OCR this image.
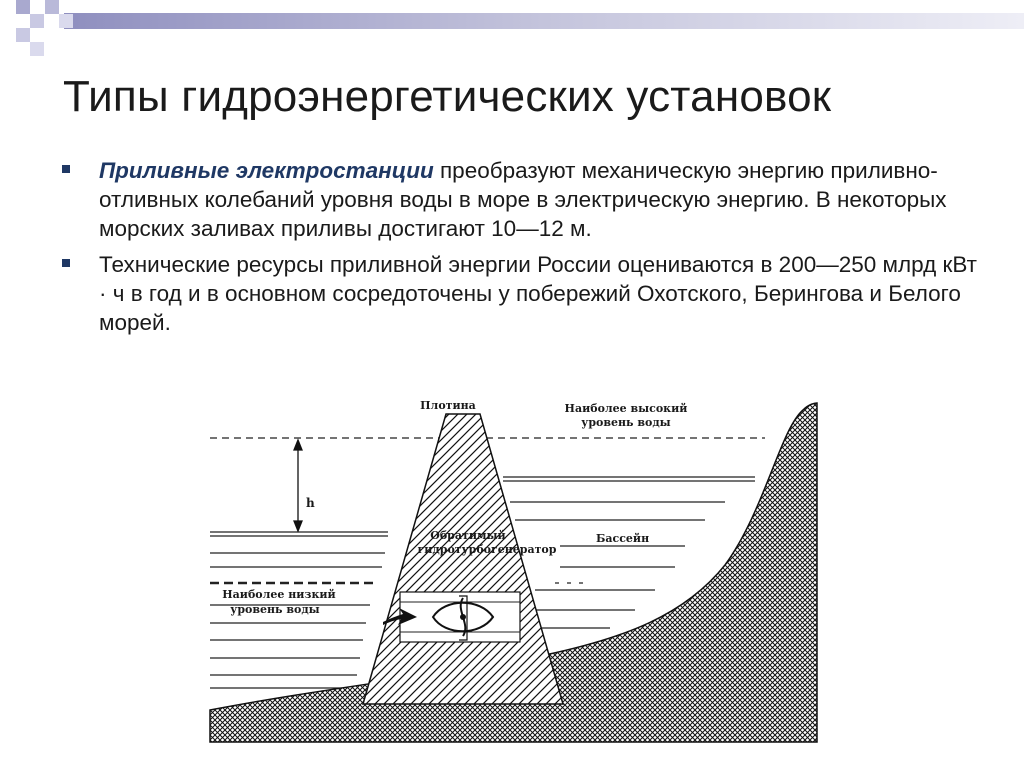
Типы гидроэнергетических установок
Приливные электростанции преобразуют механическую энергию приливно-отливных колебаний уровня воды в море в электрическую энергию. В некоторых морских заливах приливы достигают 10—12 м.
Технические ресурсы приливной энергии России оцениваются в 200—250 млрд кВт · ч в год и в основном сосредоточены у побережий Охотского, Берингова и Белого морей.
Плотина	Наиболее высокий
уровень воды
h
Обратимый
гидротурбогенератор
Бассейн
Наиболее низкий
уровень воды
